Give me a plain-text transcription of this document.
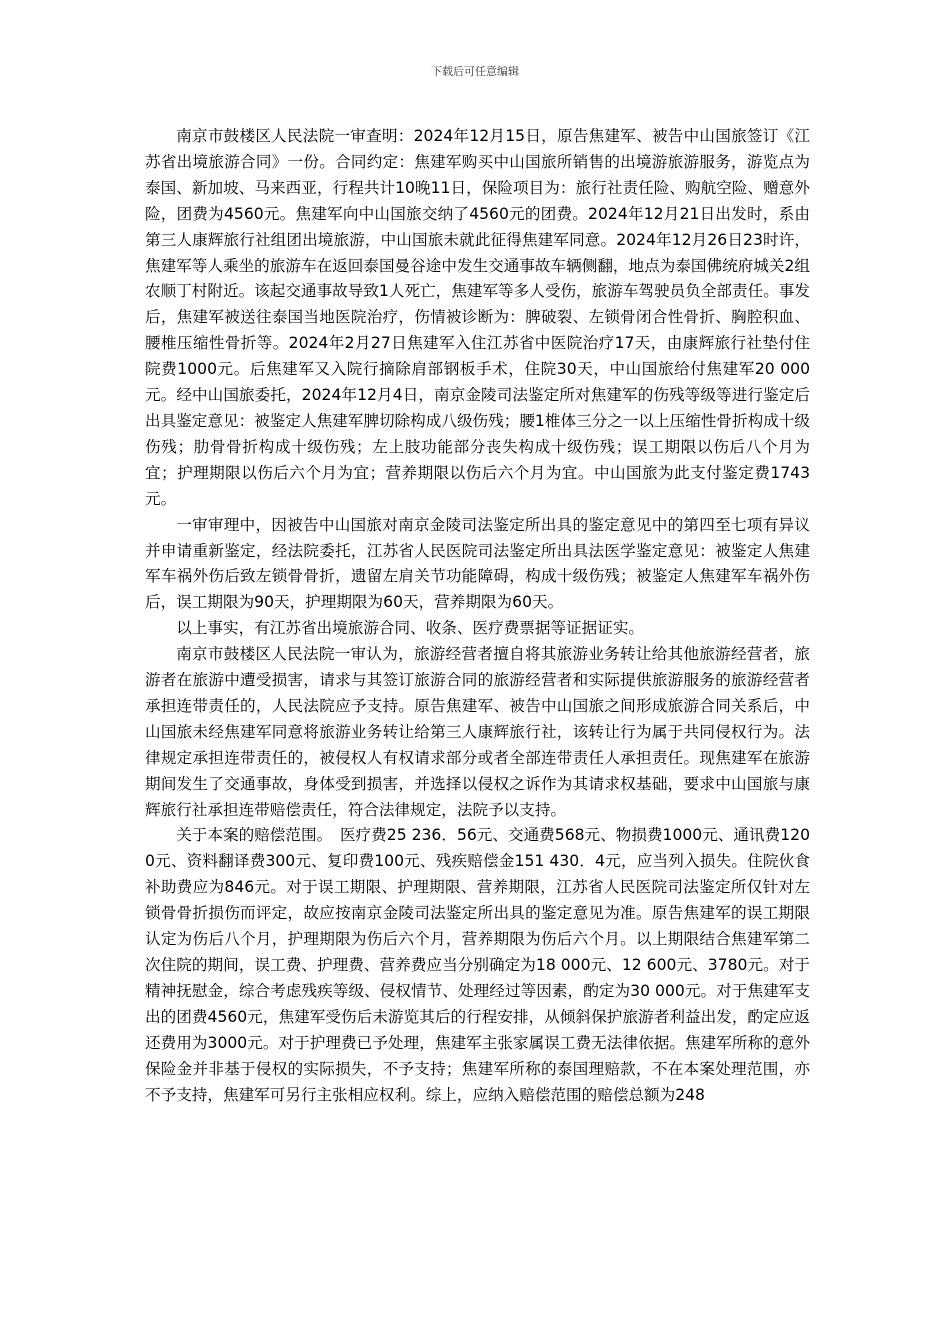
下载后可任意编辑

南京市鼓楼区人民法院一审查明：2024年12月15日，原告焦建军、被告中山国旅签订《江苏省出境旅游合同》一份。合同约定：焦建军购买中山国旅所销售的出境游旅游服务，游览点为泰国、新加坡、马来西亚，行程共计10晚11日，保险项目为：旅行社责任险、购航空险、赠意外险，团费为4560元。焦建军向中山国旅交纳了4560元的团费。2024年12月21日出发时，系由第三人康辉旅行社组团出境旅游，中山国旅未就此征得焦建军同意。2024年12月26日23时许，焦建军等人乘坐的旅游车在返回泰国曼谷途中发生交通事故车辆侧翻，地点为泰国佛统府城关2组农顺丁村附近。该起交通事故导致1人死亡，焦建军等多人受伤，旅游车驾驶员负全部责任。事发后，焦建军被送往泰国当地医院治疗，伤情被诊断为：脾破裂、左锁骨闭合性骨折、胸腔积血、腰椎压缩性骨折等。2024年2月27日焦建军入住江苏省中医院治疗17天，由康辉旅行社垫付住院费1000元。后焦建军又入院行摘除肩部钢板手术，住院30天，中山国旅给付焦建军20 000元。经中山国旅委托，2024年12月4日，南京金陵司法鉴定所对焦建军的伤残等级等进行鉴定后出具鉴定意见：被鉴定人焦建军脾切除构成八级伤残；腰1椎体三分之一以上压缩性骨折构成十级伤残；肋骨骨折构成十级伤残；左上肢功能部分丧失构成十级伤残；误工期限以伤后八个月为宜；护理期限以伤后六个月为宜；营养期限以伤后六个月为宜。中山国旅为此支付鉴定费1743元。

一审审理中，因被告中山国旅对南京金陵司法鉴定所出具的鉴定意见中的第四至七项有异议并申请重新鉴定，经法院委托，江苏省人民医院司法鉴定所出具法医学鉴定意见：被鉴定人焦建军车祸外伤后致左锁骨骨折，遗留左肩关节功能障碍，构成十级伤残；被鉴定人焦建军车祸外伤后，误工期限为90天，护理期限为60天，营养期限为60天。

以上事实，有江苏省出境旅游合同、收条、医疗费票据等证据证实。

南京市鼓楼区人民法院一审认为，旅游经营者擅自将其旅游业务转让给其他旅游经营者，旅游者在旅游中遭受损害，请求与其签订旅游合同的旅游经营者和实际提供旅游服务的旅游经营者承担连带责任的，人民法院应予支持。原告焦建军、被告中山国旅之间形成旅游合同关系后，中山国旅未经焦建军同意将旅游业务转让给第三人康辉旅行社，该转让行为属于共同侵权行为。法律规定承担连带责任的，被侵权人有权请求部分或者全部连带责任人承担责任。现焦建军在旅游期间发生了交通事故，身体受到损害，并选择以侵权之诉作为其请求权基础，要求中山国旅与康辉旅行社承担连带赔偿责任，符合法律规定，法院予以支持。

关于本案的赔偿范围。　医疗费25 236．56元、交通费568元、物损费1000元、通讯费1200元、资料翻译费300元、复印费100元、残疾赔偿金151 430．4元，应当列入损失。住院伙食补助费应为846元。对于误工期限、护理期限、营养期限，江苏省人民医院司法鉴定所仅针对左锁骨骨折损伤而评定，故应按南京金陵司法鉴定所出具的鉴定意见为准。原告焦建军的误工期限认定为伤后八个月，护理期限为伤后六个月，营养期限为伤后六个月。以上期限结合焦建军第二次住院的期间，误工费、护理费、营养费应当分别确定为18 000元、12 600元、3780元。对于精神抚慰金，综合考虑残疾等级、侵权情节、处理经过等因素，酌定为30 000元。对于焦建军支出的团费4560元，焦建军受伤后未游览其后的行程安排，从倾斜保护旅游者利益出发，酌定应返还费用为3000元。对于护理费已予处理，焦建军主张家属误工费无法律依据。焦建军所称的意外保险金并非基于侵权的实际损失，不予支持；焦建军所称的泰国理赔款，不在本案处理范围，亦不予支持，焦建军可另行主张相应权利。综上，应纳入赔偿范围的赔偿总额为248
